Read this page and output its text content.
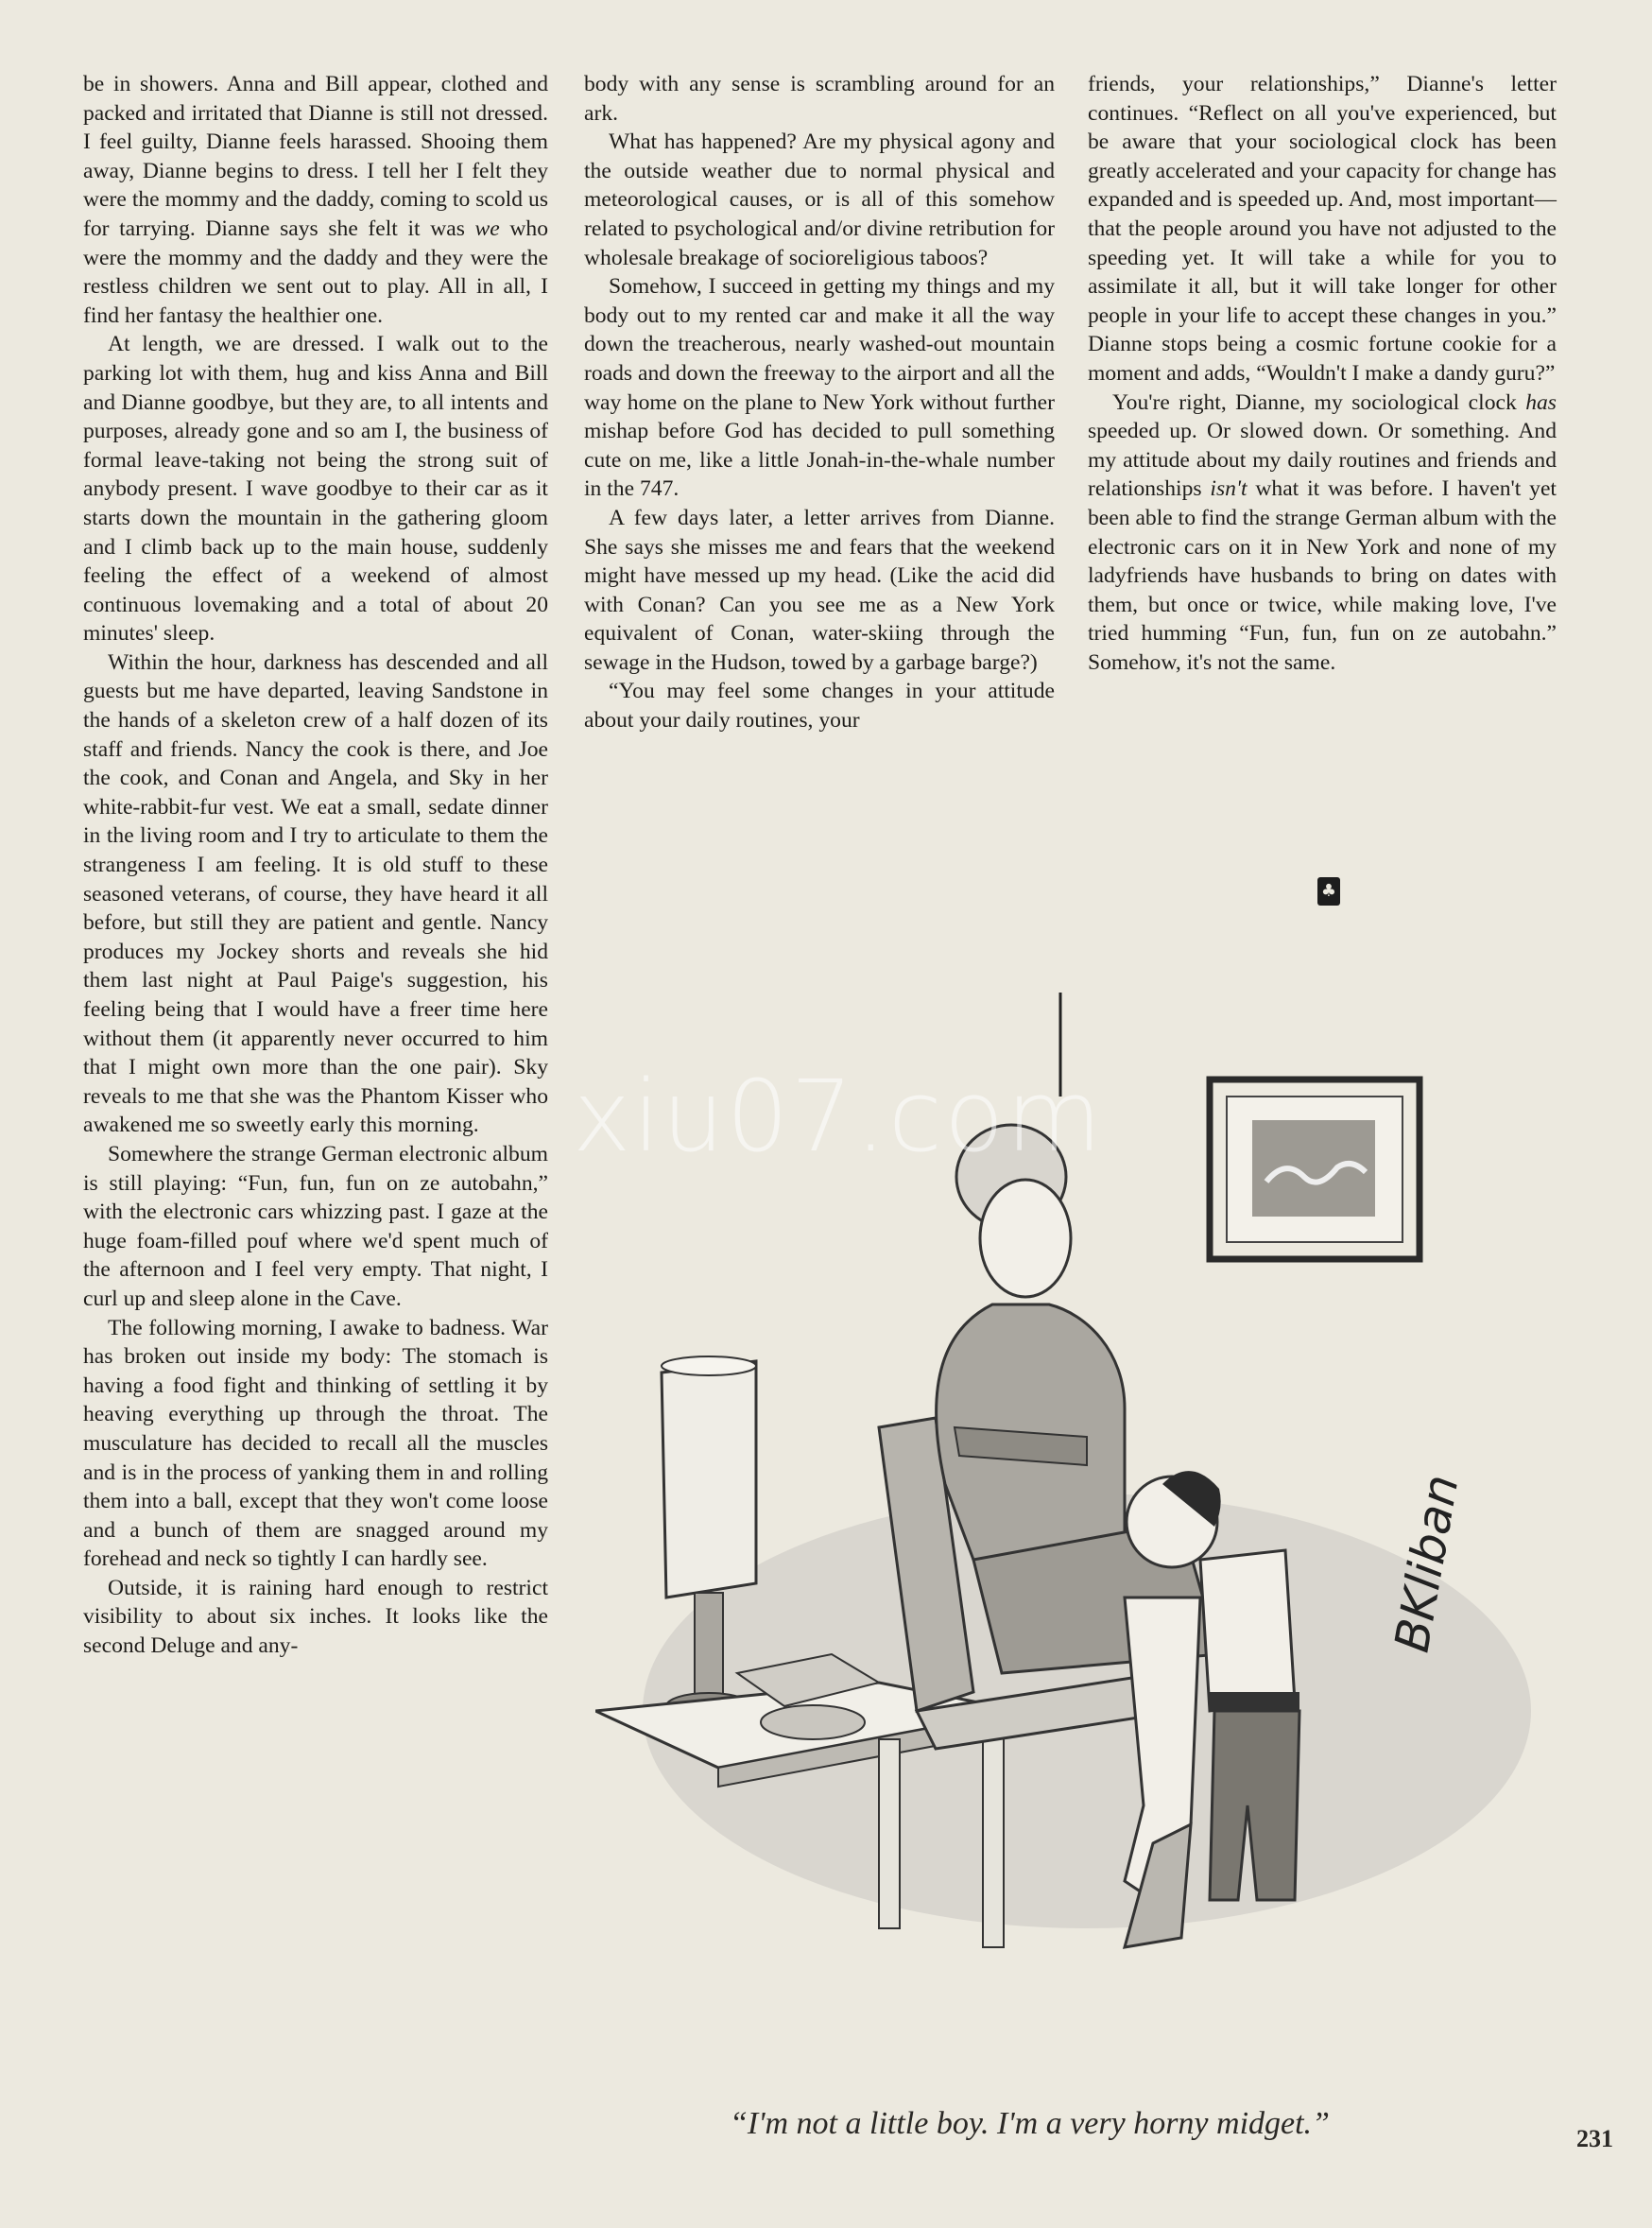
be in showers. Anna and Bill appear, clothed and packed and irritated that Dianne is still not dressed. I feel guilty, Dianne feels harassed. Shooing them away, Dianne begins to dress. I tell her I felt they were the mommy and the daddy, coming to scold us for tarrying. Dianne says she felt it was we who were the mommy and the daddy and they were the restless children we sent out to play. All in all, I find her fantasy the healthier one.

At length, we are dressed. I walk out to the parking lot with them, hug and kiss Anna and Bill and Dianne goodbye, but they are, to all intents and purposes, already gone and so am I, the business of formal leave-taking not being the strong suit of anybody present. I wave goodbye to their car as it starts down the mountain in the gathering gloom and I climb back up to the main house, suddenly feeling the effect of a weekend of almost continuous lovemaking and a total of about 20 minutes' sleep.

Within the hour, darkness has descended and all guests but me have departed, leaving Sandstone in the hands of a skeleton crew of a half dozen of its staff and friends. Nancy the cook is there, and Joe the cook, and Conan and Angela, and Sky in her white-rabbit-fur vest. We eat a small, sedate dinner in the living room and I try to articulate to them the strangeness I am feeling. It is old stuff to these seasoned veterans, of course, they have heard it all before, but still they are patient and gentle. Nancy produces my Jockey shorts and reveals she hid them last night at Paul Paige's suggestion, his feeling being that I would have a freer time here without them (it apparently never occurred to him that I might own more than the one pair). Sky reveals to me that she was the Phantom Kisser who awakened me so sweetly early this morning.

Somewhere the strange German electronic album is still playing: “Fun, fun, fun on ze autobahn,” with the electronic cars whizzing past. I gaze at the huge foam-filled pouf where we'd spent much of the afternoon and I feel very empty. That night, I curl up and sleep alone in the Cave.

The following morning, I awake to badness. War has broken out inside my body: The stomach is having a food fight and thinking of settling it by heaving everything up through the throat. The musculature has decided to recall all the muscles and is in the process of yanking them in and rolling them into a ball, except that they won't come loose and a bunch of them are snagged around my forehead and neck so tightly I can hardly see.

Outside, it is raining hard enough to restrict visibility to about six inches. It looks like the second Deluge and any-

body with any sense is scrambling around for an ark.

What has happened? Are my physical agony and the outside weather due to normal physical and meteorological causes, or is all of this somehow related to psychological and/or divine retribution for wholesale breakage of socioreligious taboos?

Somehow, I succeed in getting my things and my body out to my rented car and make it all the way down the treacherous, nearly washed-out mountain roads and down the freeway to the airport and all the way home on the plane to New York without further mishap before God has decided to pull something cute on me, like a little Jonah-in-the-whale number in the 747.

A few days later, a letter arrives from Dianne. She says she misses me and fears that the weekend might have messed up my head. (Like the acid did with Conan? Can you see me as a New York equivalent of Conan, water-skiing through the sewage in the Hudson, towed by a garbage barge?)

“You may feel some changes in your attitude about your daily routines, your

friends, your relationships,” Dianne's letter continues. “Reflect on all you've experienced, but be aware that your sociological clock has been greatly accelerated and your capacity for change has expanded and is speeded up. And, most important—that the people around you have not adjusted to the speeding yet. It will take a while for you to assimilate it all, but it will take longer for other people in your life to accept these changes in you.” Dianne stops being a cosmic fortune cookie for a moment and adds, “Wouldn't I make a dandy guru?”

You're right, Dianne, my sociological clock has speeded up. Or slowed down. Or something. And my attitude about my daily routines and friends and relationships isn't what it was before. I haven't yet been able to find the strange German album with the electronic cars on it in New York and none of my ladyfriends have husbands to bring on dates with them, but once or twice, while making love, I've tried humming “Fun, fun, fun on ze autobahn.” Somehow, it's not the same.

♣
BKliban
xiu07.com
“I'm not a little boy. I'm a very horny midget.”	231
